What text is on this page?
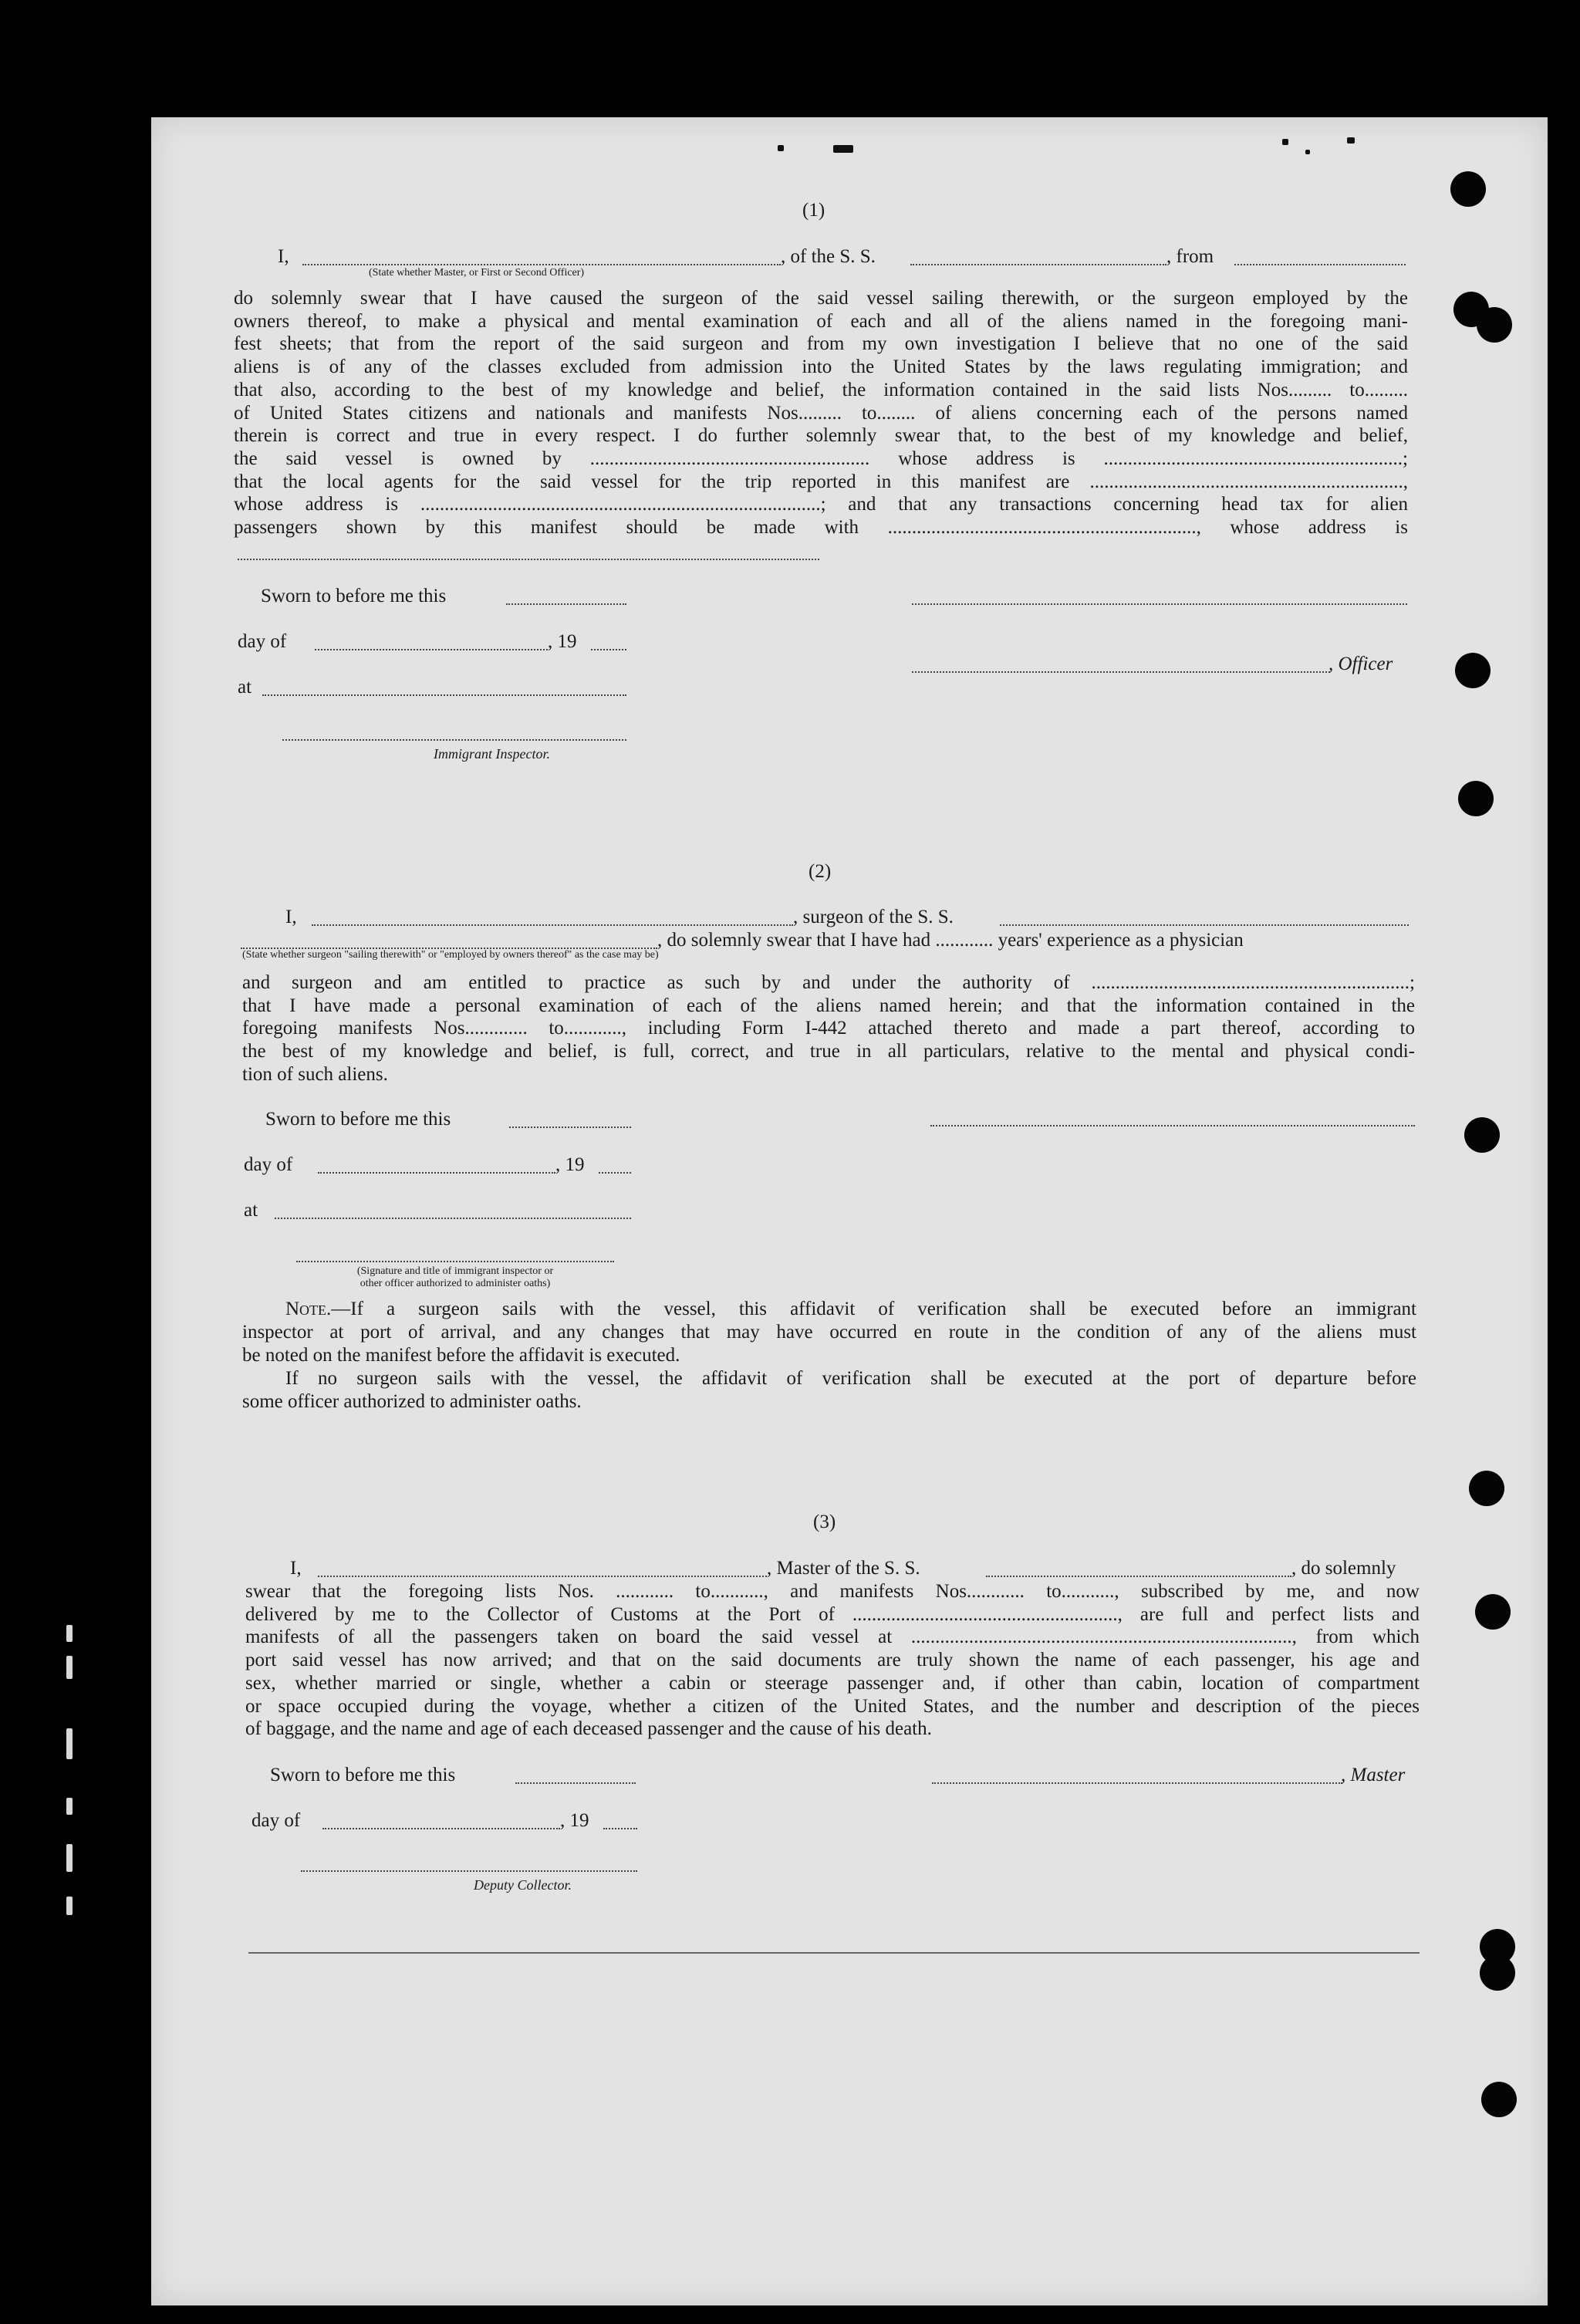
(1)
I,	, of the S. S.	, from
(State whether Master, or First or Second Officer)
do solemnly swear that I have caused the surgeon of the said vessel sailing therewith, or the surgeon employed by the
owners thereof, to make a physical and mental examination of each and all of the aliens named in the foregoing mani-
fest sheets; that from the report of the said surgeon and from my own investigation I believe that no one of the said
aliens is of any of the classes excluded from admission into the United States by the laws regulating immigration; and
that also, according to the best of my knowledge and belief, the information contained in the said lists Nos......... to.........
of United States citizens and nationals and manifests Nos......... to........ of aliens concerning each of the persons named
therein is correct and true in every respect. I do further solemnly swear that, to the best of my knowledge and belief,
the said vessel is owned by .......................................................... whose address is ..............................................................;
that the local agents for the said vessel for the trip reported in this manifest are .................................................................,
whose address is ...................................................................................; and that any transactions concerning head tax for alien
passengers shown by this manifest should be made with ................................................................, whose address is
Sworn to before me this
day of	, 19
, Officer
at
Immigrant Inspector.
(2)
I,	, surgeon of the S. S.
, do solemnly swear that I have had ............ years' experience as a physician
(State whether surgeon "sailing therewith" or "employed by owners thereof" as the case may be)
and surgeon and am entitled to practice as such by and under the authority of ..................................................................;
that I have made a personal examination of each of the aliens named herein; and that the information contained in the
foregoing manifests Nos............. to............, including Form I-442 attached thereto and made a part thereof, according to
the best of my knowledge and belief, is full, correct, and true in all particulars, relative to the mental and physical condi-
tion of such aliens.
Sworn to before me this
day of	, 19
at
(Signature and title of immigrant inspector or
other officer authorized to administer oaths)
Note.—If a surgeon sails with the vessel, this affidavit of verification shall be executed before an immigrant
inspector at port of arrival, and any changes that may have occurred en route in the condition of any of the aliens must
be noted on the manifest before the affidavit is executed.
If no surgeon sails with the vessel, the affidavit of verification shall be executed at the port of departure before
some officer authorized to administer oaths.
(3)
I,	, Master of the S. S.	, do solemnly
swear that the foregoing lists Nos. ............ to..........., and manifests Nos............ to..........., subscribed by me, and now
delivered by me to the Collector of Customs at the Port of ......................................................., are full and perfect lists and
manifests of all the passengers taken on board the said vessel at ..............................................................................., from which
port said vessel has now arrived; and that on the said documents are truly shown the name of each passenger, his age and
sex, whether married or single, whether a cabin or steerage passenger and, if other than cabin, location of compartment
or space occupied during the voyage, whether a citizen of the United States, and the number and description of the pieces
of baggage, and the name and age of each deceased passenger and the cause of his death.
Sworn to before me this	, Master
day of	, 19
Deputy Collector.
